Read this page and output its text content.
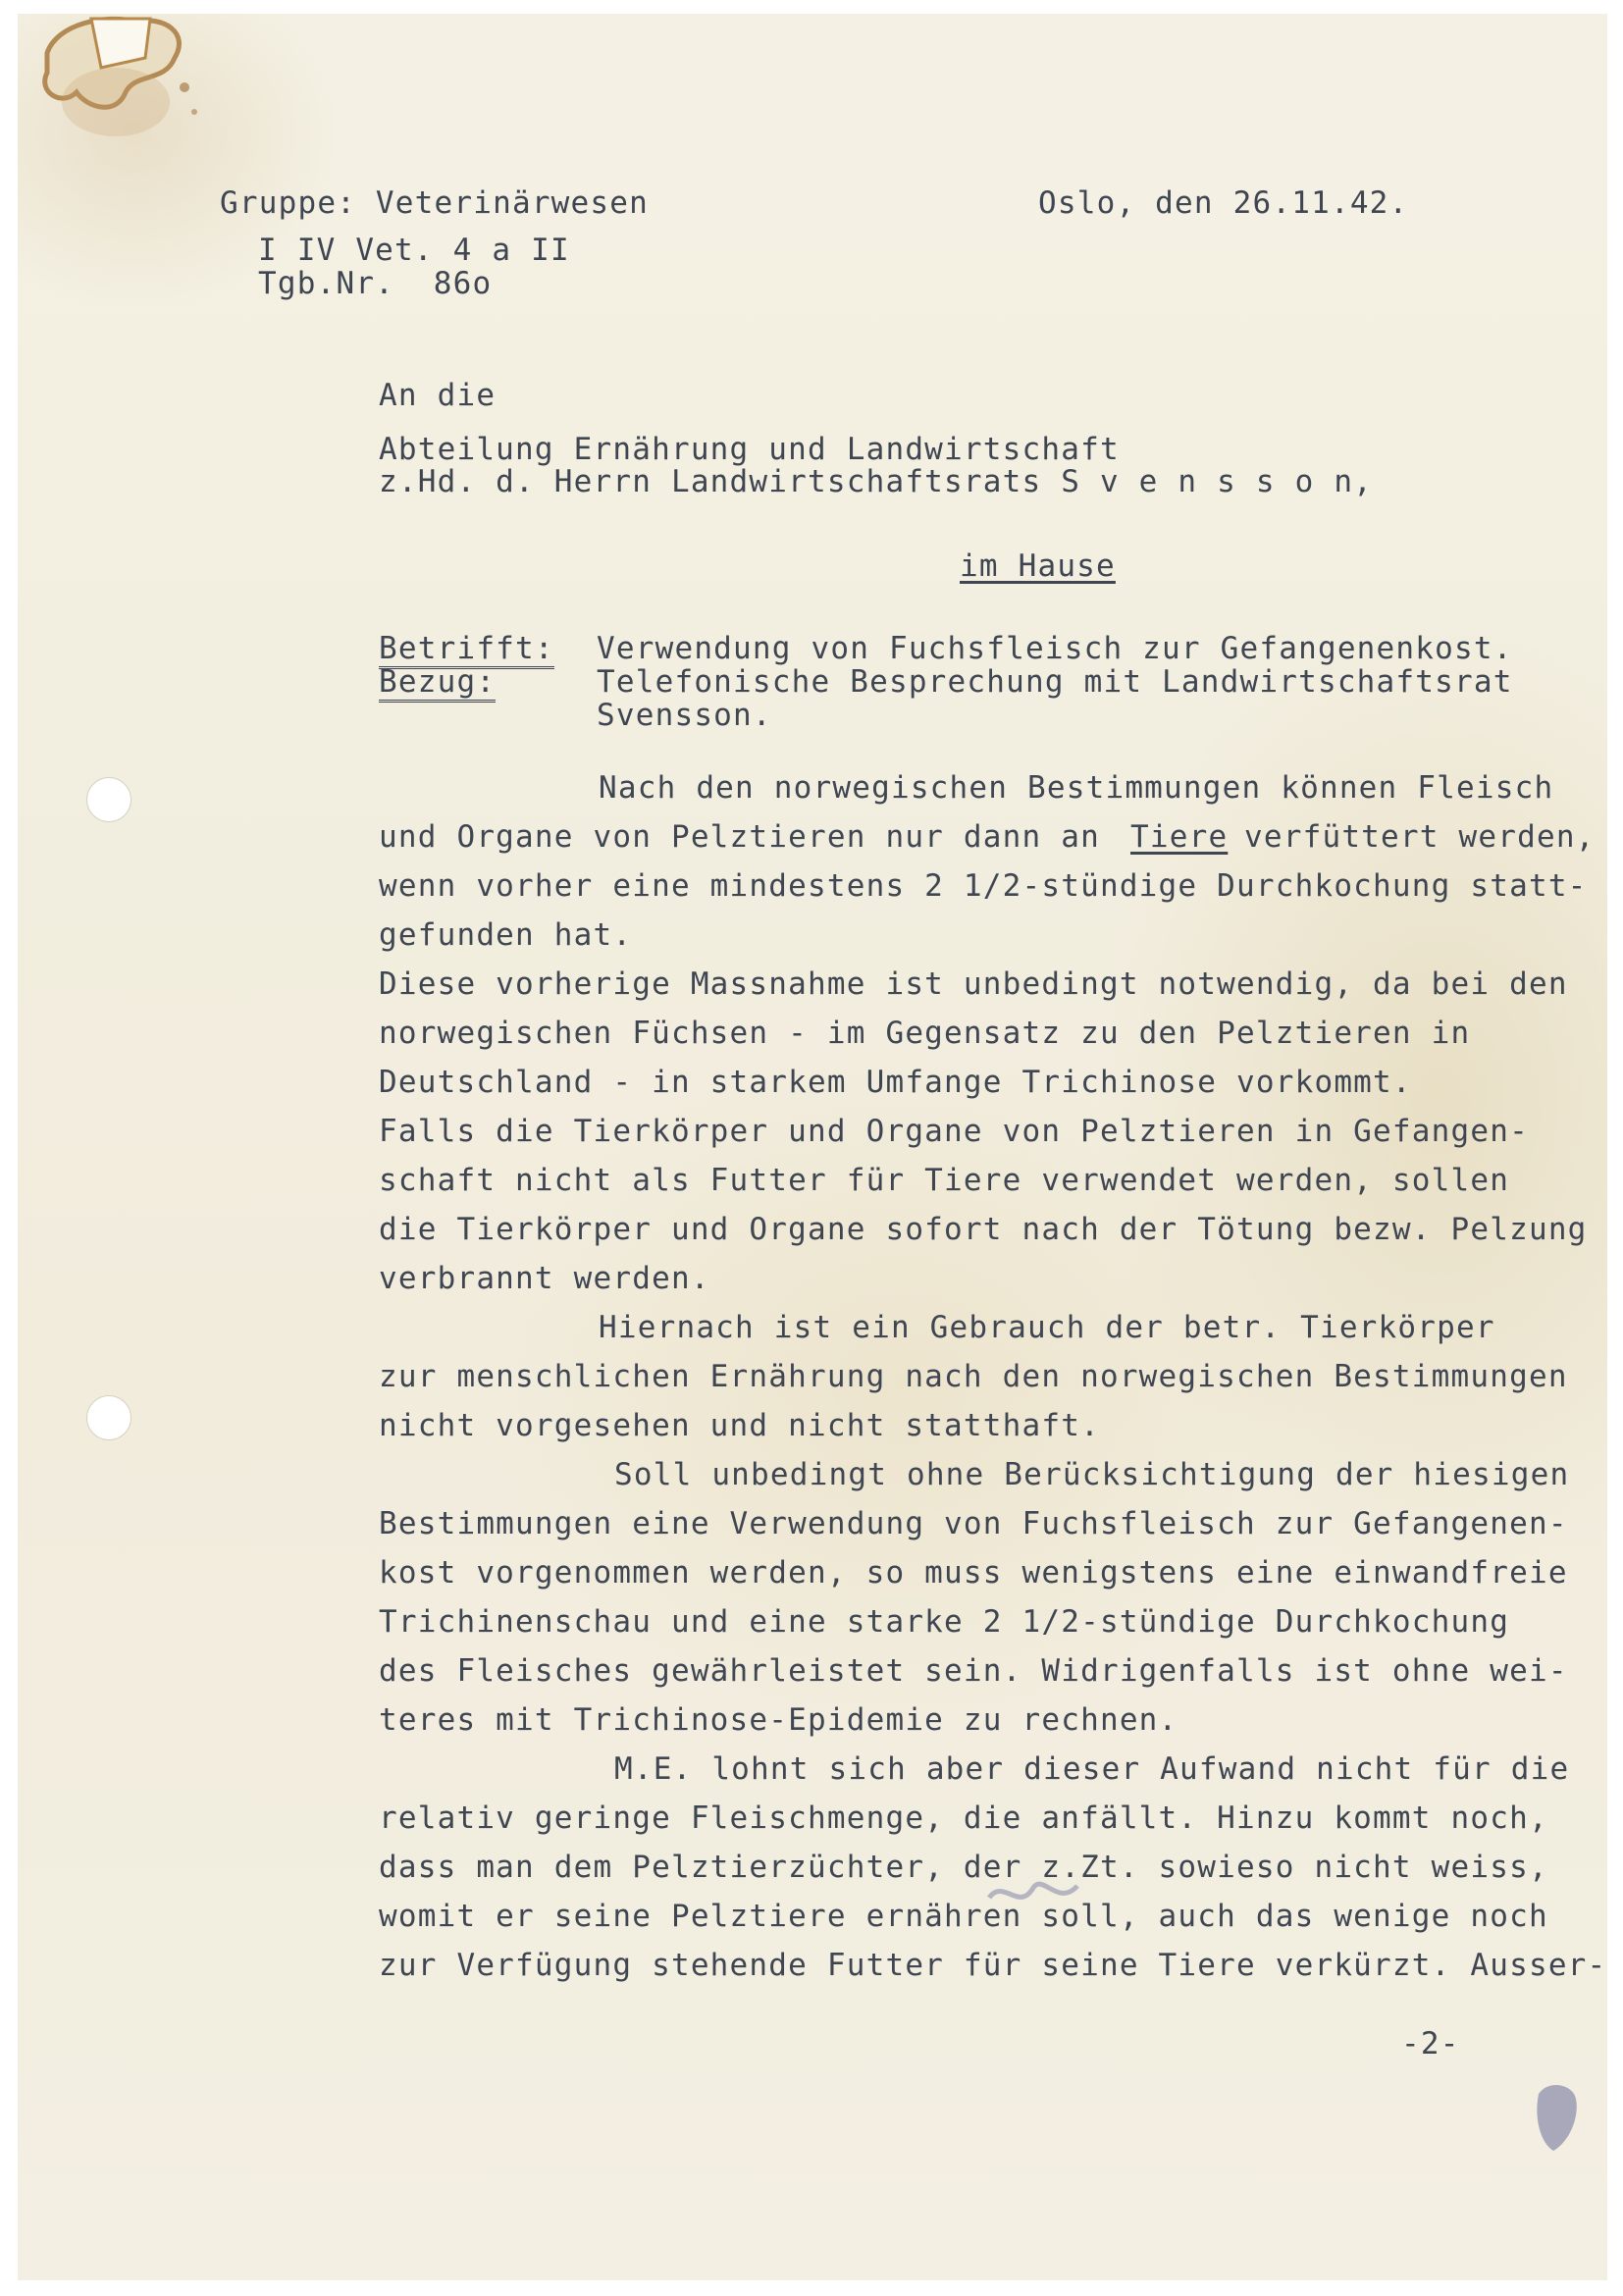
Gruppe: Veterinärwesen	Oslo, den 26.11.42.
I IV Vet. 4 a II
Tgb.Nr.  86o
An die
Abteilung Ernährung und Landwirtschaft
z.Hd. d. Herrn Landwirtschaftsrats S v e n s s o n,
im Hause
Betrifft: Verwendung von Fuchsfleisch zur Gefangenenkost.
Bezug:	Telefonische Besprechung mit Landwirtschaftsrat
Svensson.
Nach den norwegischen Bestimmungen können Fleisch
und Organe von Pelztieren nur dann an Tiere verfüttert werden,
wenn vorher eine mindestens 2 1/2-stündige Durchkochung statt-
gefunden hat.
Diese vorherige Massnahme ist unbedingt notwendig, da bei den
norwegischen Füchsen - im Gegensatz zu den Pelztieren in
Deutschland - in starkem Umfange Trichinose vorkommt.
Falls die Tierkörper und Organe von Pelztieren in Gefangen-
schaft nicht als Futter für Tiere verwendet werden, sollen
die Tierkörper und Organe sofort nach der Tötung bezw. Pelzung
verbrannt werden.
Hiernach ist ein Gebrauch der betr. Tierkörper
zur menschlichen Ernährung nach den norwegischen Bestimmungen
nicht vorgesehen und nicht statthaft.
Soll unbedingt ohne Berücksichtigung der hiesigen
Bestimmungen eine Verwendung von Fuchsfleisch zur Gefangenen-
kost vorgenommen werden, so muss wenigstens eine einwandfreie
Trichinenschau und eine starke 2 1/2-stündige Durchkochung
des Fleisches gewährleistet sein. Widrigenfalls ist ohne wei-
teres mit Trichinose-Epidemie zu rechnen.
M.E. lohnt sich aber dieser Aufwand nicht für die
relativ geringe Fleischmenge, die anfällt. Hinzu kommt noch,
dass man dem Pelztierzüchter, der z.Zt. sowieso nicht weiss,
womit er seine Pelztiere ernähren soll, auch das wenige noch
zur Verfügung stehende Futter für seine Tiere verkürzt. Ausser-
-2-
